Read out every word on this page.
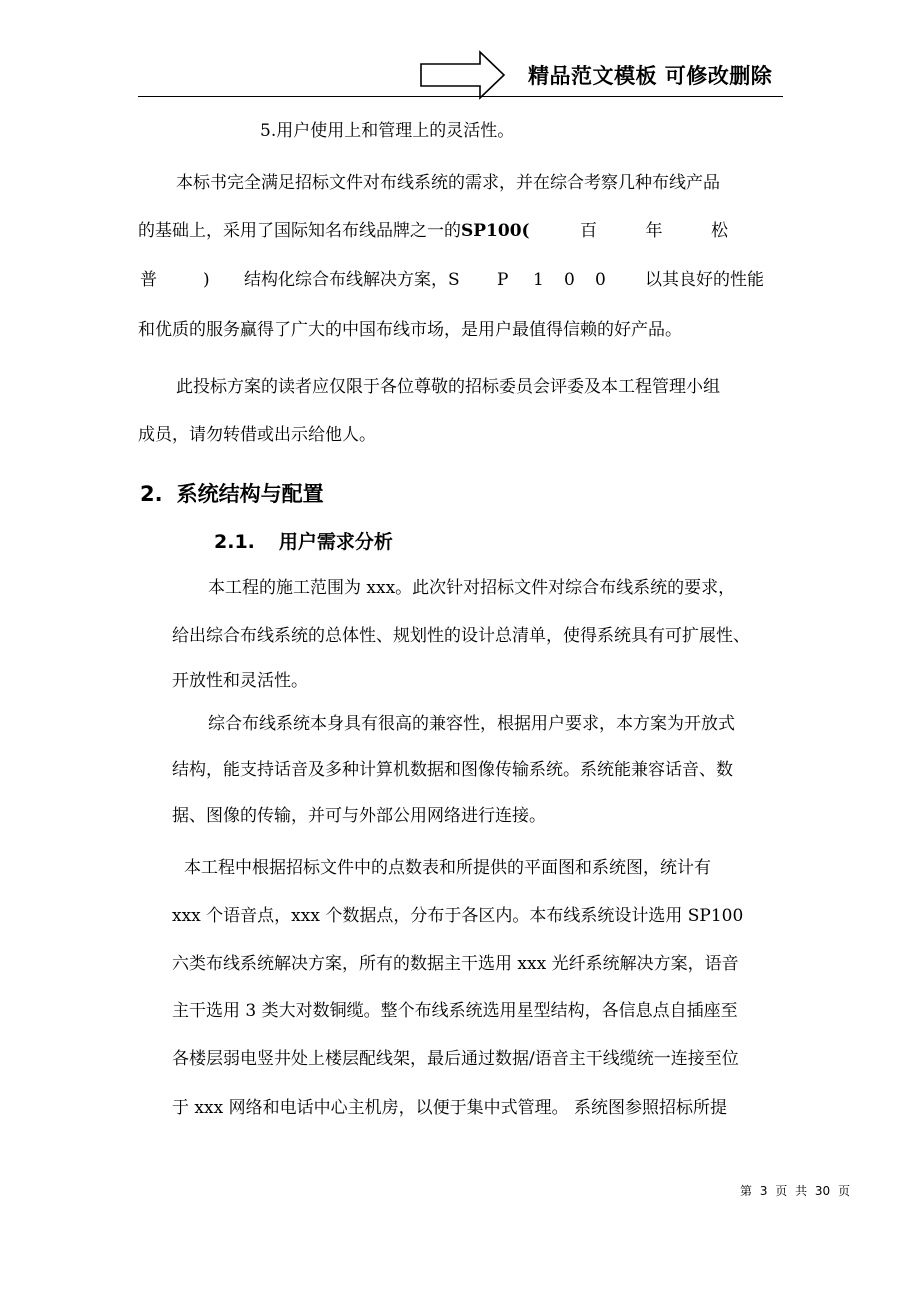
精品范文模板 可修改删除
5.用户使用上和管理上的灵活性。
本标书完全满足招标文件对布线系统的需求，并在综合考察几种布线产品
的基础上，采用了国际知名布线品牌之一的SP100(	百	年	松
普	) 结构化综合布线解决方案，S P 1 0 0 以其良好的性能
和优质的服务赢得了广大的中国布线市场，是用户最值得信赖的好产品。
此投标方案的读者应仅限于各位尊敬的招标委员会评委及本工程管理小组
成员，请勿转借或出示给他人。
2. 系统结构与配置
2.1. 用户需求分析
本工程的施工范围为 xxx。此次针对招标文件对综合布线系统的要求，
给出综合布线系统的总体性、规划性的设计总清单，使得系统具有可扩展性、
开放性和灵活性。
综合布线系统本身具有很高的兼容性，根据用户要求，本方案为开放式
结构，能支持话音及多种计算机数据和图像传输系统。系统能兼容话音、数
据、图像的传输，并可与外部公用网络进行连接。
本工程中根据招标文件中的点数表和所提供的平面图和系统图，统计有
xxx 个语音点，xxx 个数据点，分布于各区内。本布线系统设计选用 SP100
六类布线系统解决方案，所有的数据主干选用 xxx 光纤系统解决方案，语音
主干选用 3 类大对数铜缆。整个布线系统选用星型结构，各信息点自插座至
各楼层弱电竖井处上楼层配线架，最后通过数据/语音主干线缆统一连接至位
于 xxx 网络和电话中心主机房，以便于集中式管理。 系统图参照招标所提
第 3 页 共 30 页
